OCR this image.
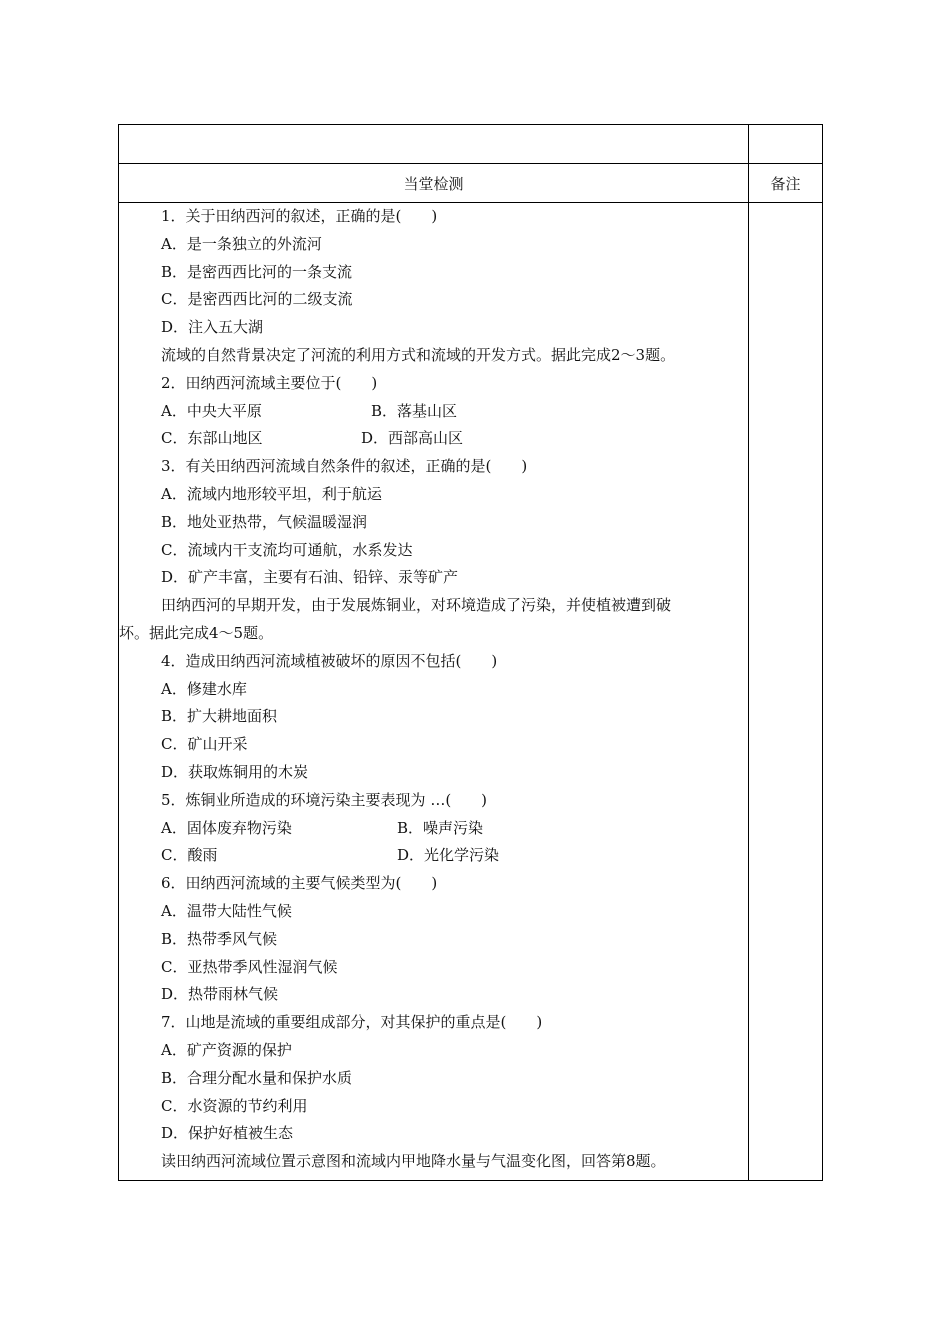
当堂检测	备注
1．关于田纳西河的叙述，正确的是(　　)
A．是一条独立的外流河
B．是密西西比河的一条支流
C．是密西西比河的二级支流
D．注入五大湖
流域的自然背景决定了河流的利用方式和流域的开发方式。据此完成2～3题。
2．田纳西河流域主要位于(　　)
A．中央大平原	B．落基山区
C．东部山地区	D．西部高山区
3．有关田纳西河流域自然条件的叙述，正确的是(　　)
A．流域内地形较平坦，利于航运
B．地处亚热带，气候温暖湿润
C．流域内干支流均可通航，水系发达
D．矿产丰富，主要有石油、铅锌、汞等矿产
田纳西河的早期开发，由于发展炼铜业，对环境造成了污染，并使植被遭到破
坏。据此完成4～5题。
4．造成田纳西河流域植被破坏的原因不包括(　　)
A．修建水库
B．扩大耕地面积
C．矿山开采
D．获取炼铜用的木炭
5．炼铜业所造成的环境污染主要表现为 …(　　)
A．固体废弃物污染	B．噪声污染
C．酸雨	D．光化学污染
6．田纳西河流域的主要气候类型为(　　)
A．温带大陆性气候
B．热带季风气候
C．亚热带季风性湿润气候
D．热带雨林气候
7．山地是流域的重要组成部分，对其保护的重点是(　　)
A．矿产资源的保护
B．合理分配水量和保护水质
C．水资源的节约利用
D．保护好植被生态
读田纳西河流域位置示意图和流域内甲地降水量与气温变化图，回答第8题。
